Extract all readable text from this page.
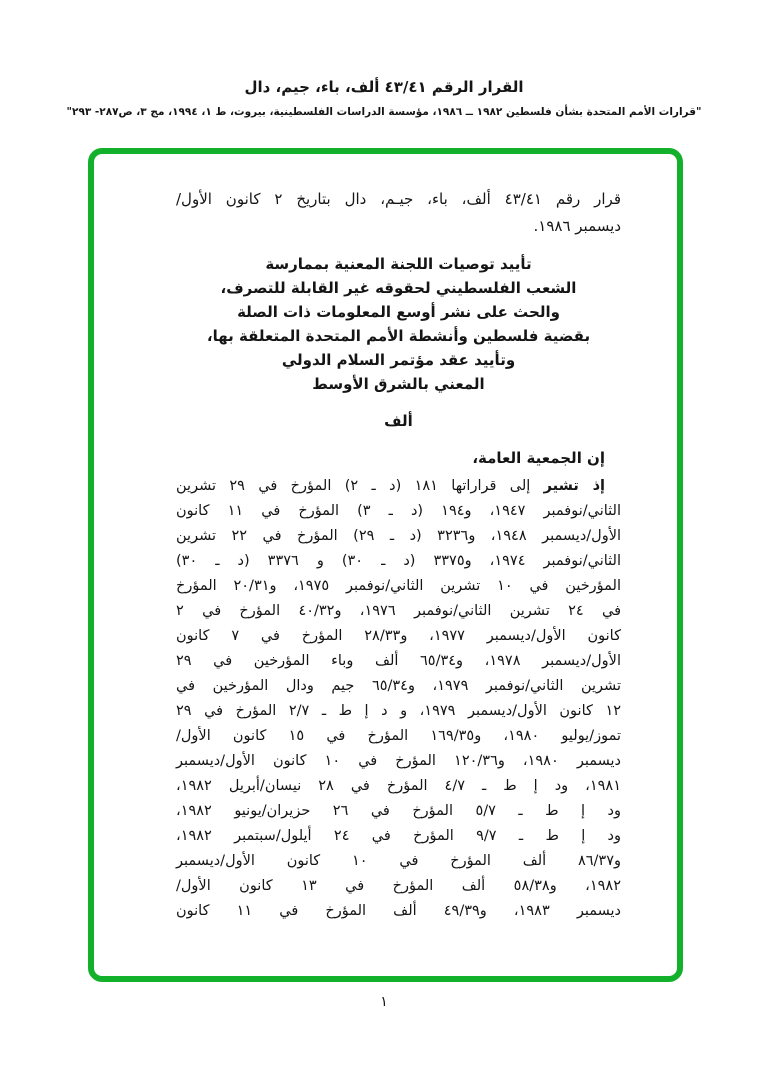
القرار الرقم ٤٣/٤١ ألف، باء، جيم، دال
"قرارات الأمم المتحدة بشأن فلسطين ١٩٨٢ ــ ١٩٨٦، مؤسسة الدراسات الفلسطينية، بيروت، ط ١، ١٩٩٤، مج ٣، ص٢٨٧- ٢٩٣"
قرار رقم ٤٣/٤١ ألف، باء، جيـم، دال بتاريخ ٢ كانون الأول/
ديسمبر ١٩٨٦.
تأييد توصيات اللجنة المعنية بممارسة
الشعب الفلسطيني لحقوقه غير القابلة للتصرف،
والحث على نشر أوسع المعلومات ذات الصلة
بقضية فلسطين وأنشطة الأمم المتحدة المتعلقة بها،
وتأييد عقد مؤتمر السلام الدولي
المعني بالشرق الأوسط
ألف
إن الجمعية العامة،
إذ تشير إلى قراراتها ١٨١ (د ـ ٢) المؤرخ في ٢٩ تشرين
الثاني/نوفمبر ١٩٤٧، و١٩٤ (د ـ ٣) المؤرخ في ١١ كانون
الأول/ديسمبر ١٩٤٨، و٣٢٣٦ (د ـ ٢٩) المؤرخ في ٢٢ تشرين
الثاني/نوفمبر ١٩٧٤، و٣٣٧٥ (د ـ ٣٠) و ٣٣٧٦ (د ـ ٣٠)
المؤرخين في ١٠ تشرين الثاني/نوفمبر ١٩٧٥، و٢٠/٣١ المؤرخ
في ٢٤ تشرين الثاني/نوفمبر ١٩٧٦، و٤٠/٣٢ المؤرخ في ٢
كانون الأول/ديسمبر ١٩٧٧، و٢٨/٣٣ المؤرخ في ٧ كانون
الأول/ديسمبر ١٩٧٨، و٦٥/٣٤ ألف وباء المؤرخين في ٢٩
تشرين الثاني/نوفمبر ١٩٧٩، و٦٥/٣٤ جيم ودال المؤرخين في
١٢ كانون الأول/ديسمبر ١٩٧٩، و د إ ط ـ ٢/٧ المؤرخ في ٢٩
تموز/يوليو ١٩٨٠، و١٦٩/٣٥ المؤرخ في ١٥ كانون الأول/
ديسمبر ١٩٨٠، و١٢٠/٣٦ المؤرخ في ١٠ كانون الأول/ديسمبر
١٩٨١، ود إ ط ـ ٤/٧ المؤرخ في ٢٨ نيسان/أبريل ١٩٨٢،
ود إ ط ـ ٥/٧ المؤرخ في ٢٦ حزيران/يونيو ١٩٨٢،
ود إ ط ـ ٩/٧ المؤرخ في ٢٤ أيلول/سبتمبر ١٩٨٢،
و٨٦/٣٧ ألف المؤرخ في ١٠ كانون الأول/ديسمبر
١٩٨٢، و٥٨/٣٨ ألف المؤرخ في ١٣ كانون الأول/
ديسمبر ١٩٨٣، و٤٩/٣٩ ألف المؤرخ في ١١ كانون
١
